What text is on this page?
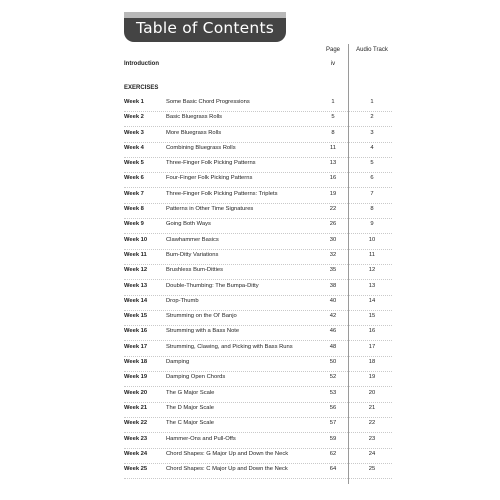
Table of Contents
Page	Audio Track
Introduction	iv
EXERCISES
Week 1	Some Basic Chord Progressions	1	1
Week 2	Basic Bluegrass Rolls	5	2
Week 3	More Bluegrass Rolls	8	3
Week 4	Combining Bluegrass Rolls	11	4
Week 5	Three-Finger Folk Picking Patterns	13	5
Week 6	Four-Finger Folk Picking Patterns	16	6
Week 7	Three-Finger Folk Picking Patterns: Triplets	19	7
Week 8	Patterns in Other Time Signatures	22	8
Week 9	Going Both Ways	26	9
Week 10	Clawhammer Basics	30	10
Week 11	Bum-Ditty Variations	32	11
Week 12	Brushless Bum-Ditties	35	12
Week 13	Double-Thumbing: The Bumpa-Ditty	38	13
Week 14	Drop-Thumb	40	14
Week 15	Strumming on the Ol' Banjo	42	15
Week 16	Strumming with a Bass Note	46	16
Week 17	Strumming, Clawing, and Picking with Bass Runs	48	17
Week 18	Damping	50	18
Week 19	Damping Open Chords	52	19
Week 20	The G Major Scale	53	20
Week 21	The D Major Scale	56	21
Week 22	The C Major Scale	57	22
Week 23	Hammer-Ons and Pull-Offs	59	23
Week 24	Chord Shapes: G Major Up and Down the Neck	62	24
Week 25	Chord Shapes: C Major Up and Down the Neck	64	25
